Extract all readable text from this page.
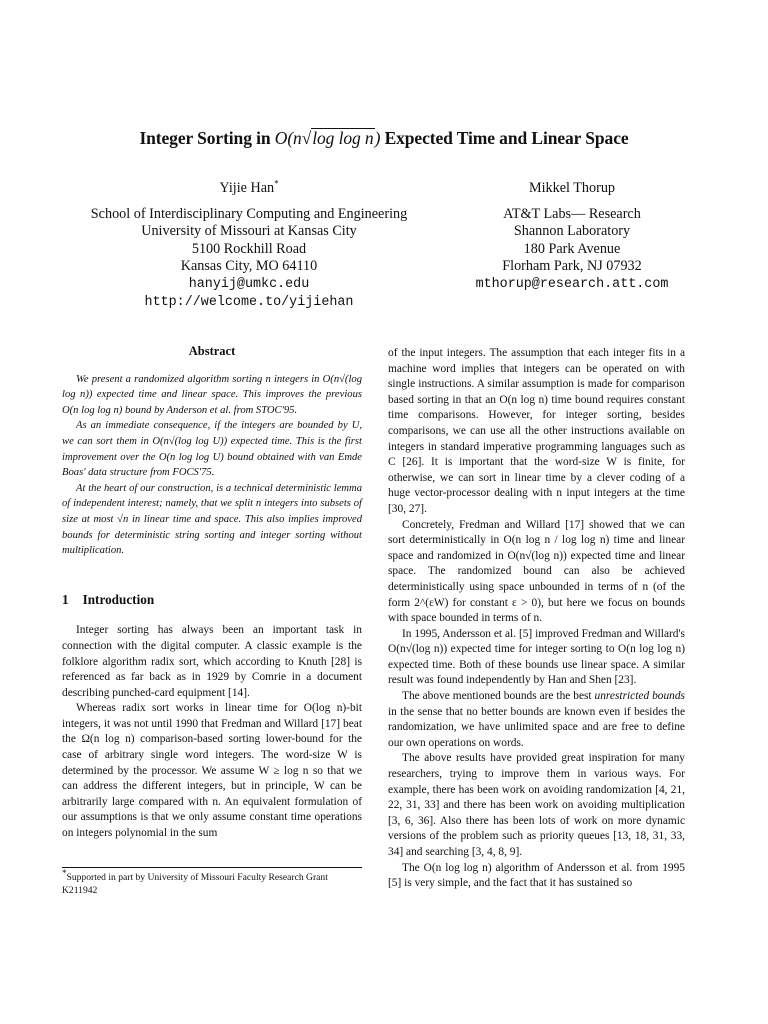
Integer Sorting in O(n√log log n) Expected Time and Linear Space
Yijie Han*
School of Interdisciplinary Computing and Engineering
University of Missouri at Kansas City
5100 Rockhill Road
Kansas City, MO 64110
hanyij@umkc.edu
http://welcome.to/yijiehan
Mikkel Thorup
AT&T Labs— Research
Shannon Laboratory
180 Park Avenue
Florham Park, NJ 07932
mthorup@research.att.com
Abstract

We present a randomized algorithm sorting n integers in O(n√(log log n)) expected time and linear space. This improves the previous O(n log log n) bound by Anderson et al. from STOC'95.

As an immediate consequence, if the integers are bounded by U, we can sort them in O(n√(log log U)) expected time. This is the first improvement over the O(n log log U) bound obtained with van Emde Boas' data structure from FOCS'75.

At the heart of our construction, is a technical deterministic lemma of independent interest; namely, that we split n integers into subsets of size at most √n in linear time and space. This also implies improved bounds for deterministic string sorting and integer sorting without multiplication.

1 Introduction

Integer sorting has always been an important task in connection with the digital computer. A classic example is the folklore algorithm radix sort, which according to Knuth [28] is referenced as far back as in 1929 by Comrie in a document describing punched-card equipment [14].

Whereas radix sort works in linear time for O(log n)-bit integers, it was not until 1990 that Fredman and Willard [17] beat the Ω(n log n) comparison-based sorting lower-bound for the case of arbitrary single word integers. The word-size W is determined by the processor. We assume W ≥ log n so that we can address the different integers, but in principle, W can be arbitrarily large compared with n. An equivalent formulation of our assumptions is that we only assume constant time operations on integers polynomial in the sum

*Supported in part by University of Missouri Faculty Research Grant K211942

of the input integers. The assumption that each integer fits in a machine word implies that integers can be operated on with single instructions. A similar assumption is made for comparison based sorting in that an O(n log n) time bound requires constant time comparisons. However, for integer sorting, besides comparisons, we can use all the other instructions available on integers in standard imperative programming languages such as C [26]. It is important that the word-size W is finite, for otherwise, we can sort in linear time by a clever coding of a huge vector-processor dealing with n input integers at the time [30, 27].

Concretely, Fredman and Willard [17] showed that we can sort deterministically in O(n log n / log log n) time and linear space and randomized in O(n√(log n)) expected time and linear space. The randomized bound can also be achieved deterministically using space unbounded in terms of n (of the form 2^(εW) for constant ε > 0), but here we focus on bounds with space bounded in terms of n.

In 1995, Andersson et al. [5] improved Fredman and Willard's O(n√(log n)) expected time for integer sorting to O(n log log n) expected time. Both of these bounds use linear space. A similar result was found independently by Han and Shen [23].

The above mentioned bounds are the best unrestricted bounds in the sense that no better bounds are known even if besides the randomization, we have unlimited space and are free to define our own operations on words.

The above results have provided great inspiration for many researchers, trying to improve them in various ways. For example, there has been work on avoiding randomization [4, 21, 22, 31, 33] and there has been work on avoiding multiplication [3, 6, 36]. Also there has been lots of work on more dynamic versions of the problem such as priority queues [13, 18, 31, 33, 34] and searching [3, 4, 8, 9].

The O(n log log n) algorithm of Andersson et al. from 1995 [5] is very simple, and the fact that it has sustained so
